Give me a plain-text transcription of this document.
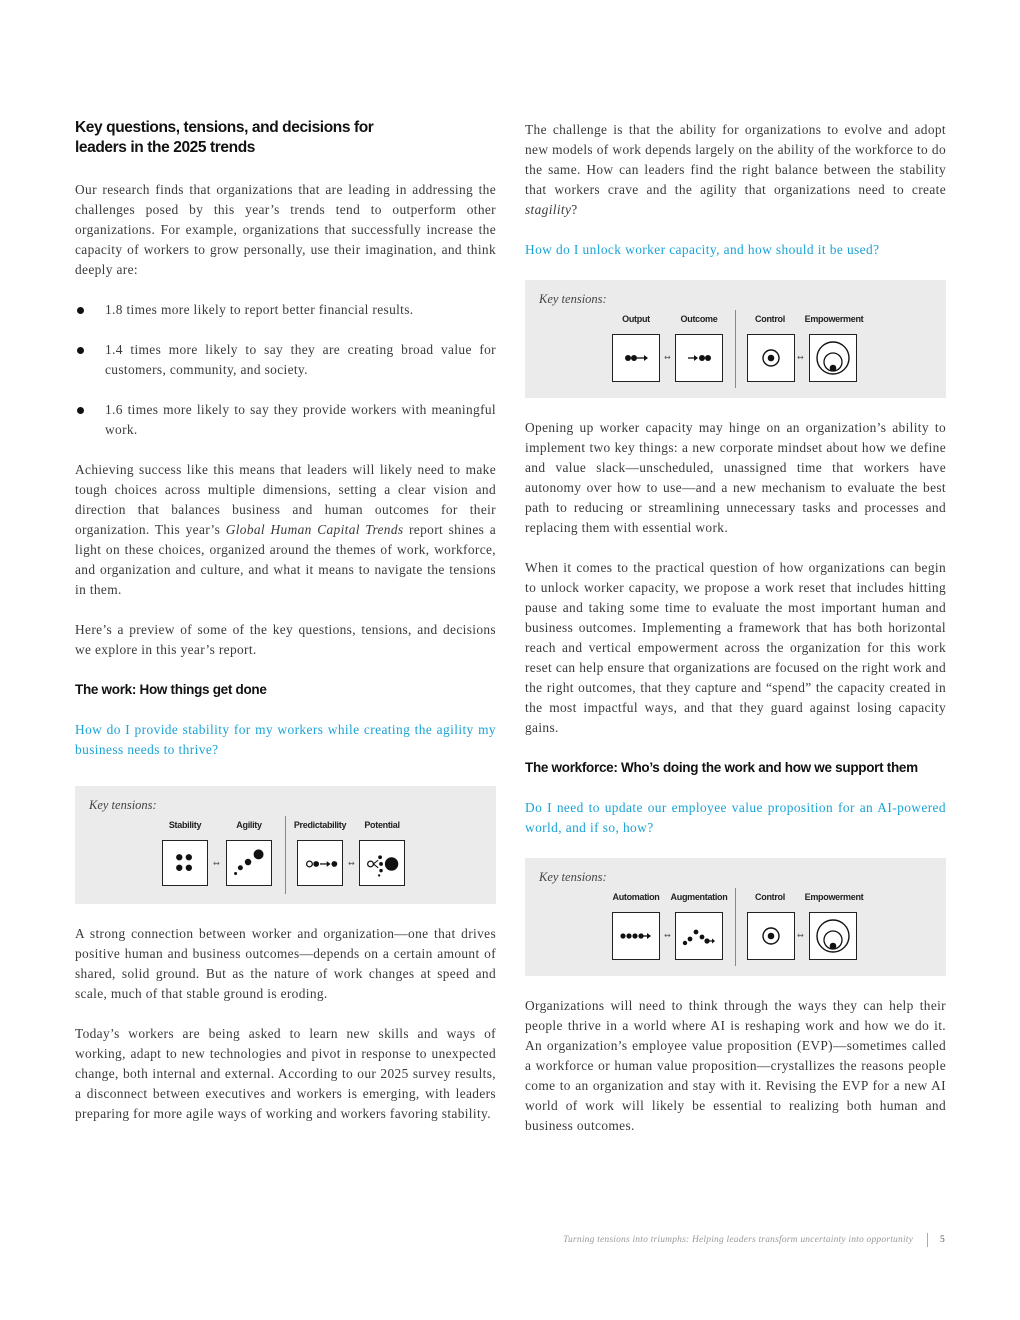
Key questions, tensions, and decisions for leaders in the 2025 trends

Our research finds that organizations that are leading in addressing the challenges posed by this year’s trends tend to outperform other organizations. For example, organizations that successfully increase the capacity of workers to grow personally, use their imagination, and think deeply are:

1.8 times more likely to report better financial results.
1.4 times more likely to say they are creating broad value for customers, community, and society.
1.6 times more likely to say they provide workers with meaningful work.

Achieving success like this means that leaders will likely need to make tough choices across multiple dimensions, setting a clear vision and direction that balances business and human outcomes for their organization. This year’s Global Human Capital Trends report shines a light on these choices, organized around the themes of work, workforce, and organization and culture, and what it means to navigate the tensions in them.

Here’s a preview of some of the key questions, tensions, and decisions we explore in this year’s report.

The work: How things get done

How do I provide stability for my workers while creating the agility my business needs to thrive?

Key tensions:
Stability	Agility	Predictability	Potential
↔	↔

A strong connection between worker and organization—one that drives positive human and business outcomes—depends on a certain amount of shared, solid ground. But as the nature of work changes at speed and scale, much of that stable ground is eroding.

Today’s workers are being asked to learn new skills and ways of working, adapt to new technologies and pivot in response to unexpected change, both internal and external. According to our 2025 survey results, a disconnect between executives and workers is emerging, with leaders preparing for more agile ways of working and workers favoring stability.

The challenge is that the ability for organizations to evolve and adopt new models of work depends largely on the ability of the workforce to do the same. How can leaders find the right balance between the stability that workers crave and the agility that organizations need to create stagility?

How do I unlock worker capacity, and how should it be used?

Key tensions:
Output	Outcome	Control	Empowerment
↔	↔

Opening up worker capacity may hinge on an organization’s ability to implement two key things: a new corporate mindset about how we define and value slack—unscheduled, unassigned time that workers have autonomy over how to use—and a new mechanism to evaluate the best path to reducing or streamlining unnecessary tasks and processes and replacing them with essential work.

When it comes to the practical question of how organizations can begin to unlock worker capacity, we propose a work reset that includes hitting pause and taking some time to evaluate the most important human and business outcomes. Implementing a framework that has both horizontal reach and vertical empowerment across the organization for this work reset can help ensure that organizations are focused on the right work and the right outcomes, that they capture and “spend” the capacity created in the most impactful ways, and that they guard against losing capacity gains.

The workforce: Who’s doing the work and how we support them

Do I need to update our employee value proposition for an AI-powered world, and if so, how?

Key tensions:
Automation	Augmentation	Control	Empowerment
↔	↔

Organizations will need to think through the ways they can help their people thrive in a world where AI is reshaping work and how we do it. An organization’s employee value proposition (EVP)—sometimes called a workforce or human value proposition—crystallizes the reasons people come to an organization and stay with it. Revising the EVP for a new AI world of work will likely be essential to realizing both human and business outcomes.

Turning tensions into triumphs: Helping leaders transform uncertainty into opportunity	5
